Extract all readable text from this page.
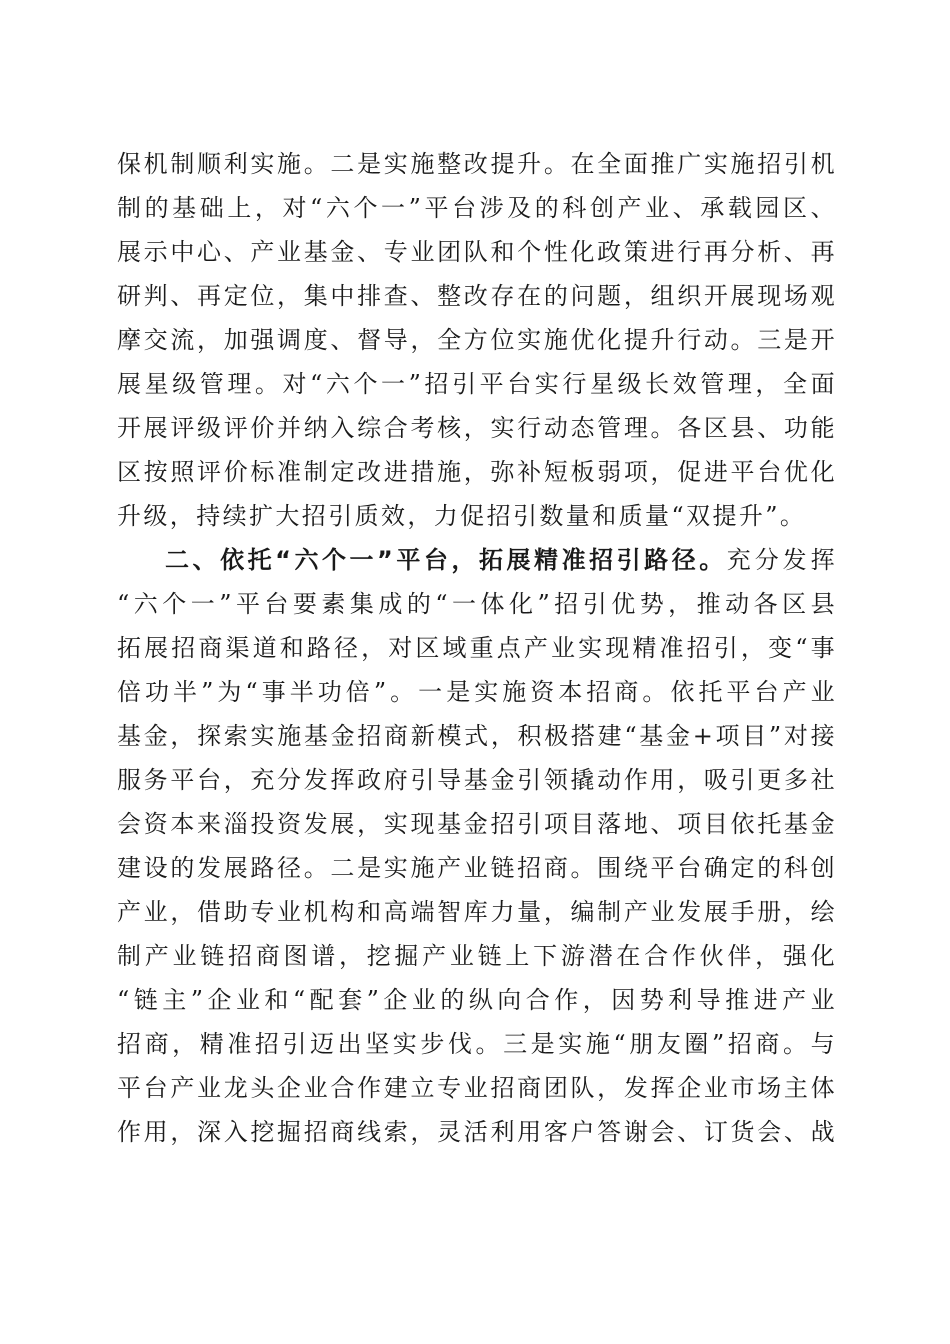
保机制顺利实施。二是实施整改提升。在全面推广实施招引机
制的基础上，对“六个一”平台涉及的科创产业、承载园区、
展示中心、产业基金、专业团队和个性化政策进行再分析、再
研判、再定位，集中排查、整改存在的问题，组织开展现场观
摩交流，加强调度、督导，全方位实施优化提升行动。三是开
展星级管理。对“六个一”招引平台实行星级长效管理，全面
开展评级评价并纳入综合考核，实行动态管理。各区县、功能
区按照评价标准制定改进措施，弥补短板弱项，促进平台优化
升级，持续扩大招引质效，力促招引数量和质量“双提升”。
二、依托“六个一”平台，拓展精准招引路径。充分发挥
“六个一”平台要素集成的“一体化”招引优势，推动各区县
拓展招商渠道和路径，对区域重点产业实现精准招引，变“事
倍功半”为“事半功倍”。一是实施资本招商。依托平台产业
基金，探索实施基金招商新模式，积极搭建“基金+项目”对接
服务平台，充分发挥政府引导基金引领撬动作用，吸引更多社
会资本来淄投资发展，实现基金招引项目落地、项目依托基金
建设的发展路径。二是实施产业链招商。围绕平台确定的科创
产业，借助专业机构和高端智库力量，编制产业发展手册，绘
制产业链招商图谱，挖掘产业链上下游潜在合作伙伴，强化
“链主”企业和“配套”企业的纵向合作，因势利导推进产业
招商，精准招引迈出坚实步伐。三是实施“朋友圈”招商。与
平台产业龙头企业合作建立专业招商团队，发挥企业市场主体
作用，深入挖掘招商线索，灵活利用客户答谢会、订货会、战
